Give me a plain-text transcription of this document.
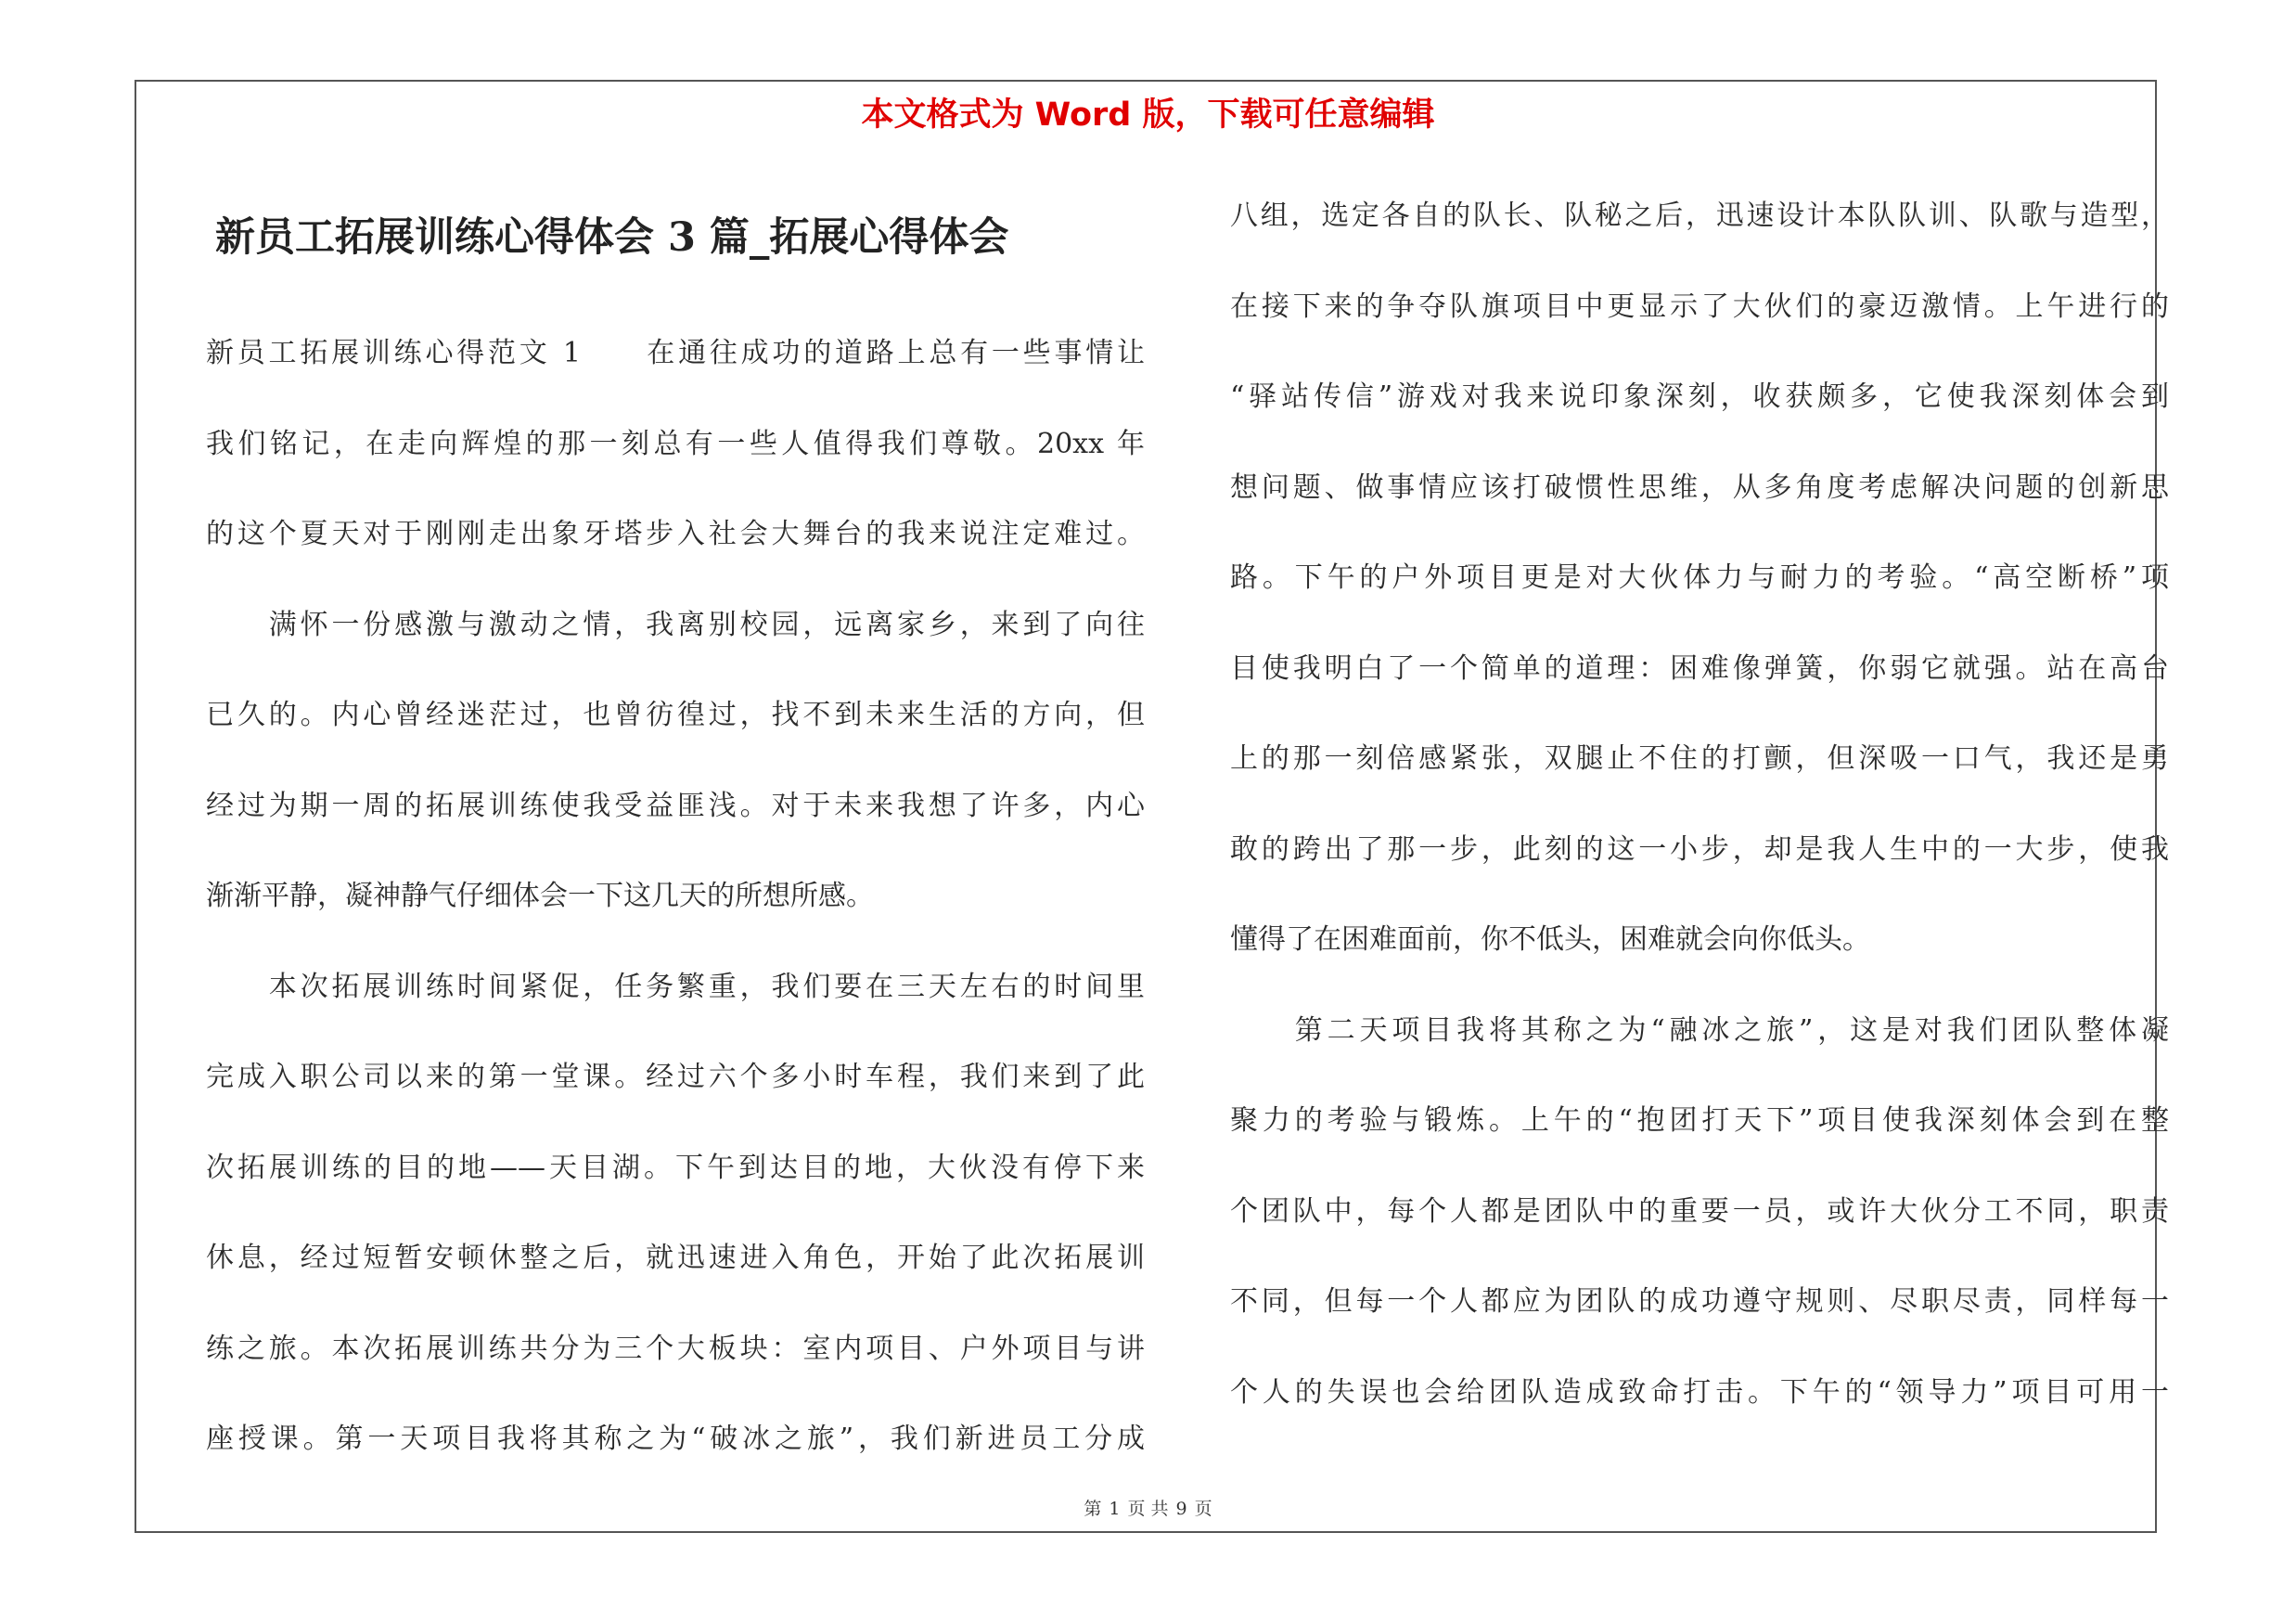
本文格式为 Word 版，下载可任意编辑
新员工拓展训练心得体会 3 篇_拓展心得体会
新员工拓展训练心得范文 1　　在通往成功的道路上总有一些事情让
我们铭记，在走向辉煌的那一刻总有一些人值得我们尊敬。20xx 年
的这个夏天对于刚刚走出象牙塔步入社会大舞台的我来说注定难过。
　　满怀一份感激与激动之情，我离别校园，远离家乡，来到了向往
已久的。内心曾经迷茫过，也曾彷徨过，找不到未来生活的方向，但
经过为期一周的拓展训练使我受益匪浅。对于未来我想了许多，内心
渐渐平静，凝神静气仔细体会一下这几天的所想所感。
　　本次拓展训练时间紧促，任务繁重，我们要在三天左右的时间里
完成入职公司以来的第一堂课。经过六个多小时车程，我们来到了此
次拓展训练的目的地——天目湖。下午到达目的地，大伙没有停下来
休息，经过短暂安顿休整之后，就迅速进入角色，开始了此次拓展训
练之旅。本次拓展训练共分为三个大板块：室内项目、户外项目与讲
座授课。第一天项目我将其称之为“破冰之旅”，我们新进员工分成
八组，选定各自的队长、队秘之后，迅速设计本队队训、队歌与造型，
在接下来的争夺队旗项目中更显示了大伙们的豪迈激情。上午进行的
“驿站传信”游戏对我来说印象深刻，收获颇多，它使我深刻体会到
想问题、做事情应该打破惯性思维，从多角度考虑解决问题的创新思
路。下午的户外项目更是对大伙体力与耐力的考验。“高空断桥”项
目使我明白了一个简单的道理：困难像弹簧，你弱它就强。站在高台
上的那一刻倍感紧张，双腿止不住的打颤，但深吸一口气，我还是勇
敢的跨出了那一步，此刻的这一小步，却是我人生中的一大步，使我
懂得了在困难面前，你不低头，困难就会向你低头。
　　第二天项目我将其称之为“融冰之旅”，这是对我们团队整体凝
聚力的考验与锻炼。上午的“抱团打天下”项目使我深刻体会到在整
个团队中，每个人都是团队中的重要一员，或许大伙分工不同，职责
不同，但每一个人都应为团队的成功遵守规则、尽职尽责，同样每一
个人的失误也会给团队造成致命打击。下午的“领导力”项目可用一
第 1 页 共 9 页
